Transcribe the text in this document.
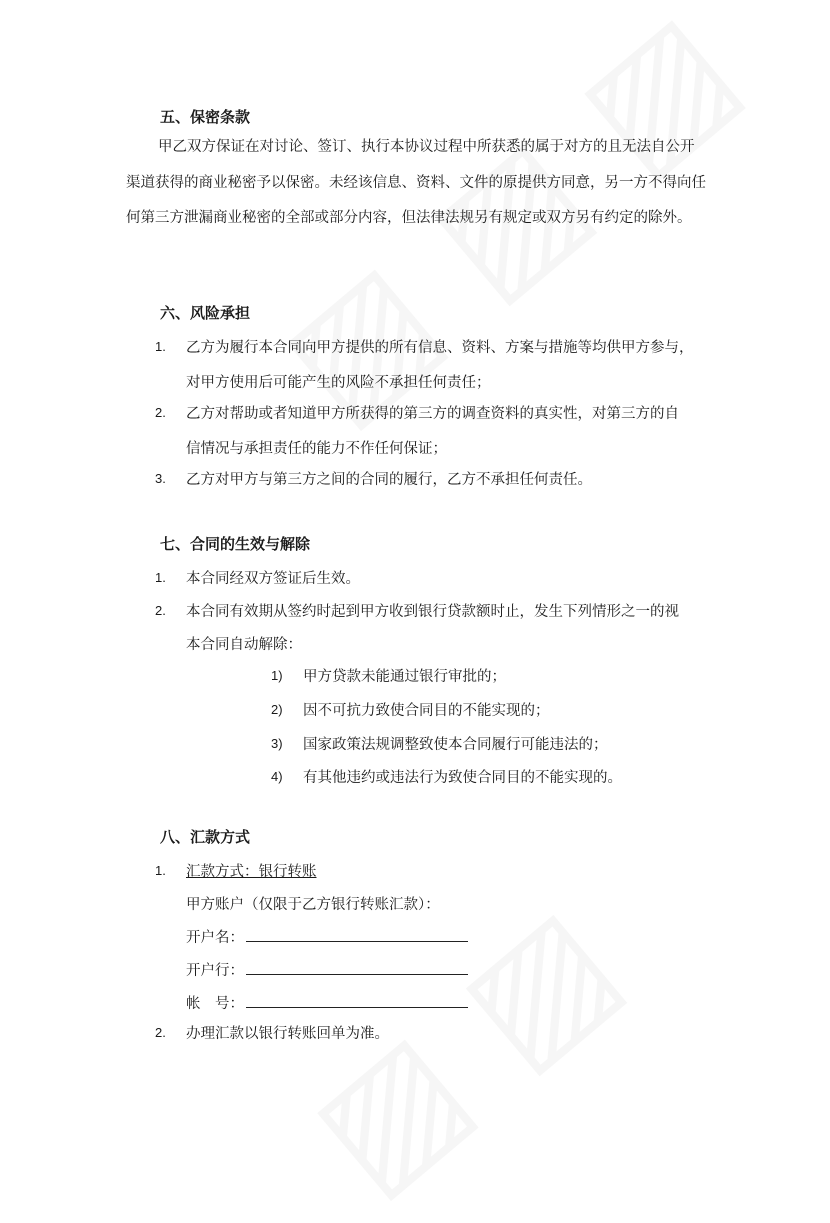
五、保密条款
甲乙双方保证在对讨论、签订、执行本协议过程中所获悉的属于对方的且无法自公开渠道获得的商业秘密予以保密。未经该信息、资料、文件的原提供方同意，另一方不得向任何第三方泄漏商业秘密的全部或部分内容，但法律法规另有规定或双方另有约定的除外。
六、风险承担
1. 乙方为履行本合同向甲方提供的所有信息、资料、方案与措施等均供甲方参与，
对甲方使用后可能产生的风险不承担任何责任；
2. 乙方对帮助或者知道甲方所获得的第三方的调查资料的真实性，对第三方的自
信情况与承担责任的能力不作任何保证；
3. 乙方对甲方与第三方之间的合同的履行，乙方不承担任何责任。
七、合同的生效与解除
1. 本合同经双方签证后生效。
2. 本合同有效期从签约时起到甲方收到银行贷款额时止，发生下列情形之一的视
本合同自动解除：
1) 甲方贷款未能通过银行审批的；
2) 因不可抗力致使合同目的不能实现的；
3) 国家政策法规调整致使本合同履行可能违法的；
4) 有其他违约或违法行为致使合同目的不能实现的。
八、汇款方式
1. 汇款方式：银行转账
甲方账户（仅限于乙方银行转账汇款）：
开户名：
开户行：
帐　号：
2. 办理汇款以银行转账回单为准。
